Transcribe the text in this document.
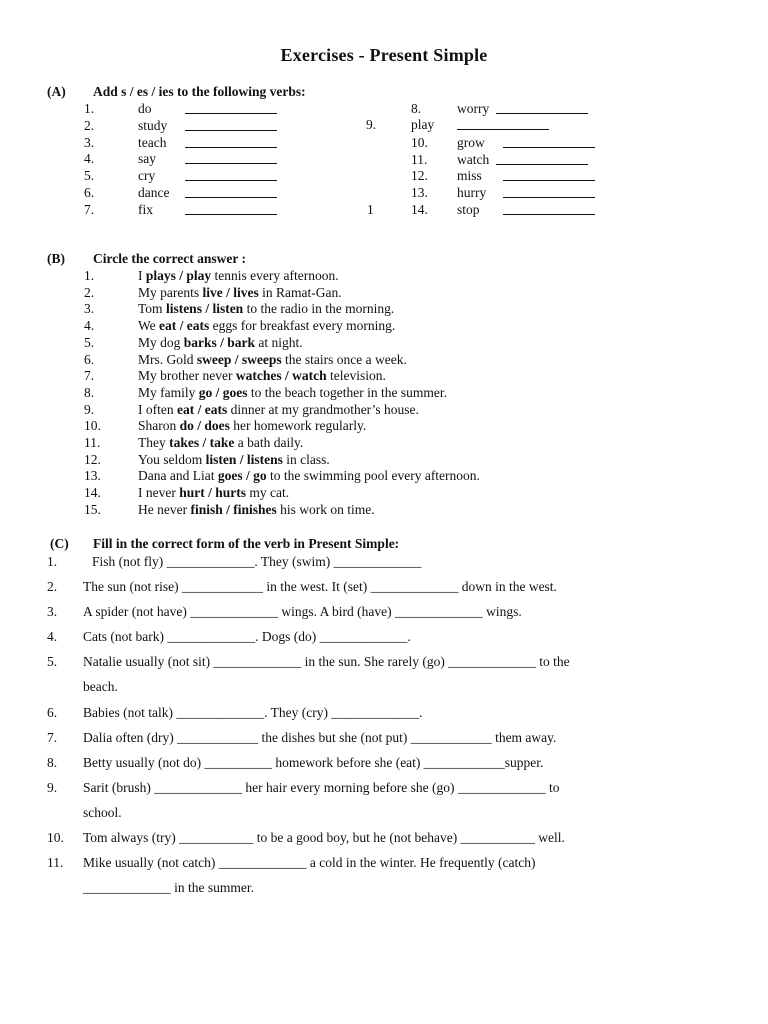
Exercises - Present Simple
(A) Add s / es / ies to the following verbs:
1.	do
2.	study
3.	teach
4.	say
5.	cry
6.	dance
7.	fix
8.	worry
10. grow
11. watch
12. miss
13. hurry
14. stop
9.	play
1
(B) Circle the correct answer :
1.	I plays / play tennis every afternoon.
2.	My parents live / lives in Ramat-Gan.
3.	Tom listens / listen to the radio in the morning.
4.	We eat / eats eggs for breakfast every morning.
5.	My dog barks / bark at night.
6.	Mrs. Gold sweep / sweeps the stairs once a week.
7.	My brother never watches / watch television.
8.	My family go / goes to the beach together in the summer.
9.	I often eat / eats dinner at my grandmother’s house.
10.	Sharon do / does her homework regularly.
11.	They takes / take a bath daily.
12.	You seldom listen / listens in class.
13.	Dana and Liat goes / go to the swimming pool every afternoon.
14.	I never hurt / hurts my cat.
15.	He never finish / finishes his work on time.
(C) Fill in the correct form of the verb in Present Simple:
1.	Fish (not fly) _____________. They (swim) _____________
2. The sun (not rise) ____________ in the west. It (set) _____________ down in the west.
3. A spider (not have) _____________ wings. A bird (have) _____________ wings.
4. Cats (not bark) _____________. Dogs (do) _____________.
5. Natalie usually (not sit) _____________ in the sun. She rarely (go) _____________ to the
beach.
6. Babies (not talk) _____________. They (cry) _____________.
7. Dalia often (dry) ____________ the dishes but she (not put) ____________ them away.
8. Betty usually (not do) __________ homework before she (eat) ____________supper.
9. Sarit (brush) _____________ her hair every morning before she (go) _____________ to
school.
10. Tom always (try) ___________ to be a good boy, but he (not behave) ___________ well.
11. Mike usually (not catch) _____________ a cold in the winter. He frequently (catch)
_____________ in the summer.
